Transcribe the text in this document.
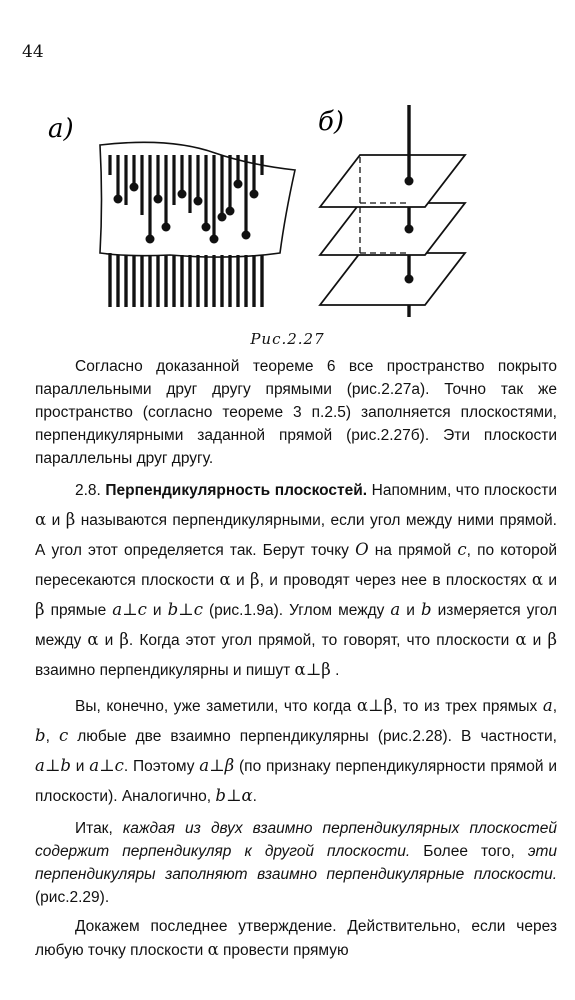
44
а)	б)
Рис.2.27

Согласно доказанной теореме 6 все пространство покрыто параллельными друг другу прямыми (рис.2.27а). Точно так же пространство (согласно теореме 3 п.2.5) заполняется плоскостями, перпендикулярными заданной прямой (рис.2.27б). Эти плоскости параллельны друг другу.

2.8. Перпендикулярность плоскостей. Напомним, что плоскости α и β называются перпендикулярными, если угол между ними прямой. А угол этот определяется так. Берут точку O на прямой c, по которой пересекаются плоскости α и β, и проводят через нее в плоскостях α и β прямые a⊥c и b⊥c (рис.1.9а). Углом между a и b измеряется угол между α и β. Когда этот угол прямой, то говорят, что плоскости α и β взаимно перпендикулярны и пишут α⊥β .

Вы, конечно, уже заметили, что когда α⊥β, то из трех прямых a, b, c любые две взаимно перпендикулярны (рис.2.28). В частности, a⊥b и a⊥c. Поэтому a⊥β (по признаку перпендикулярности прямой и плоскости). Аналогично, b⊥α.

Итак, каждая из двух взаимно перпендикулярных плоскостей содержит перпендикуляр к другой плоскости. Более того, эти перпендикуляры заполняют взаимно перпендикулярные плоскости. (рис.2.29).

Докажем последнее утверждение. Действительно, если через любую точку плоскости α провести прямую
